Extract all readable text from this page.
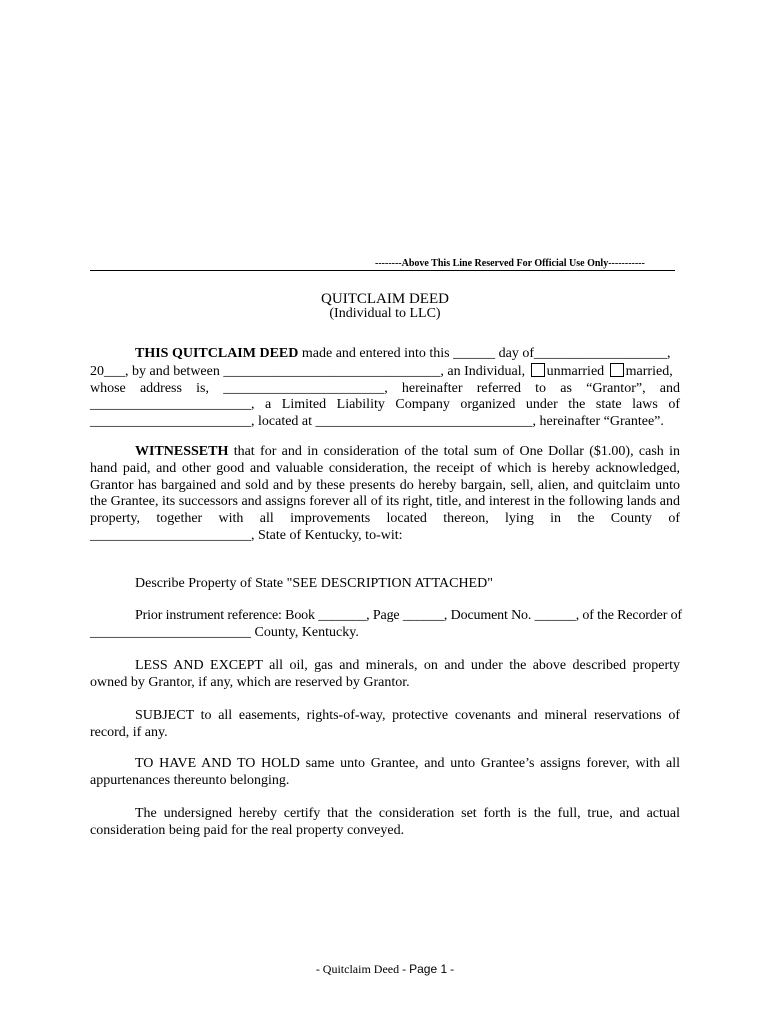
--------Above This Line Reserved For Official Use Only-----------
QUITCLAIM DEED
(Individual to LLC)
THIS QUITCLAIM DEED made and entered into this ______ day of___________________,
20___, by and between _______________________________, an Individual, unmarried married,
whose address is, _______________________, hereinafter referred to as “Grantor”, and
_______________________, a Limited Liability Company organized under the state laws of
_______________________, located at _______________________________, hereinafter “Grantee”.
WITNESSETH that for and in consideration of the total sum of One Dollar ($1.00), cash in hand paid, and other good and valuable consideration, the receipt of which is hereby acknowledged, Grantor has bargained and sold and by these presents do hereby bargain, sell, alien, and quitclaim unto the Grantee, its successors and assigns forever all of its right, title, and interest in the following lands and property, together with all improvements located thereon, lying in the County of _______________________, State of Kentucky, to-wit:
Describe Property of State "SEE DESCRIPTION ATTACHED"
Prior instrument reference: Book _______, Page ______, Document No. ______, of the Recorder of
_______________________ County, Kentucky.
LESS AND EXCEPT all oil, gas and minerals, on and under the above described property owned by Grantor, if any, which are reserved by Grantor.
SUBJECT to all easements, rights-of-way, protective covenants and mineral reservations of record, if any.
TO HAVE AND TO HOLD same unto Grantee, and unto Grantee’s assigns forever, with all appurtenances thereunto belonging.
The undersigned hereby certify that the consideration set forth is the full, true, and actual consideration being paid for the real property conveyed.
- Quitclaim Deed - Page 1 -
